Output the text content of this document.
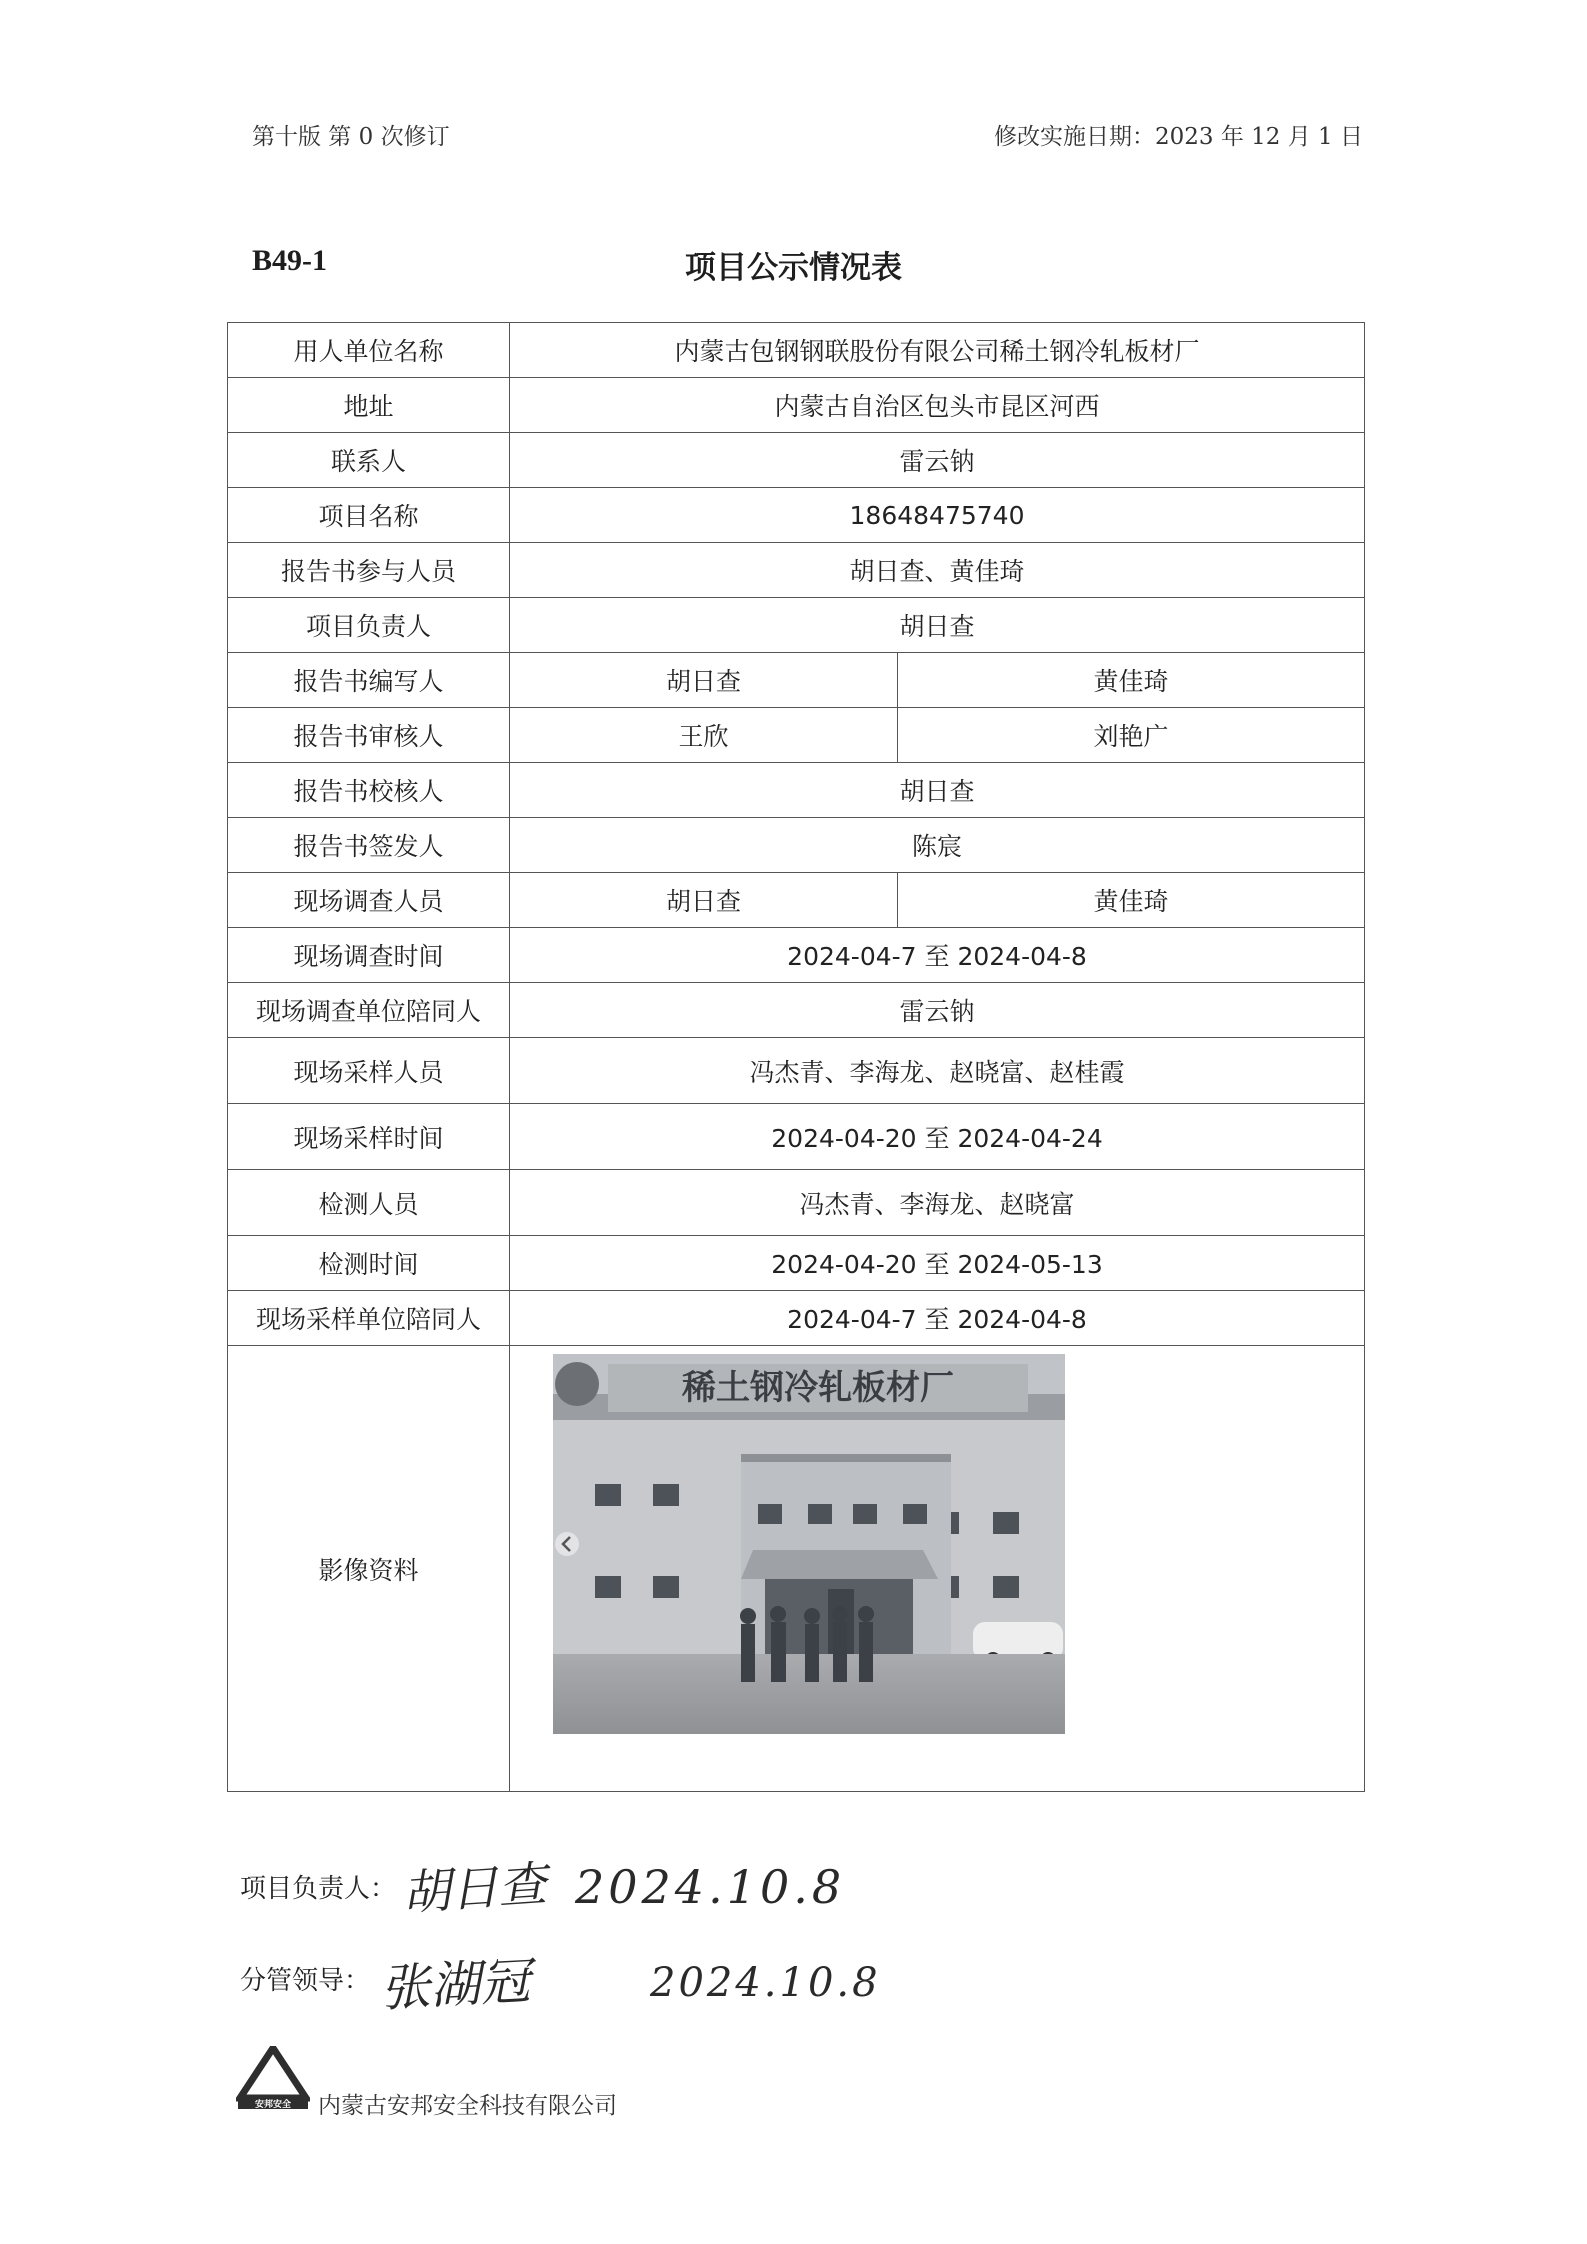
第十版 第 0 次修订	修改实施日期：2023 年 12 月 1 日
B49-1	项目公示情况表
用人单位名称	内蒙古包钢钢联股份有限公司稀土钢冷轧板材厂	
地址	内蒙古自治区包头市昆区河西	
联系人	雷云钠	
项目名称	18648475740	
报告书参与人员	胡日查、黄佳琦	
项目负责人	胡日查	
报告书编写人	胡日查	黄佳琦
报告书审核人	王欣	刘艳广
报告书校核人	胡日查	
报告书签发人	陈宸	
现场调查人员	胡日查	黄佳琦
现场调查时间	2024-04-7 至 2024-04-8	
现场调查单位陪同人	雷云钠	
现场采样人员	冯杰青、李海龙、赵晓富、赵桂霞	
现场采样时间	2024-04-20 至 2024-04-24	
检测人员	冯杰青、李海龙、赵晓富	
检测时间	2024-04-20 至 2024-05-13	
现场采样单位陪同人	2024-04-7 至 2024-04-8	
影像资料	稀土钢冷轧板材厂	
项目负责人： 胡日查 2024.10.8
分管领导： 张湖冠	2024.10.8
安邦安全 内蒙古安邦安全科技有限公司
